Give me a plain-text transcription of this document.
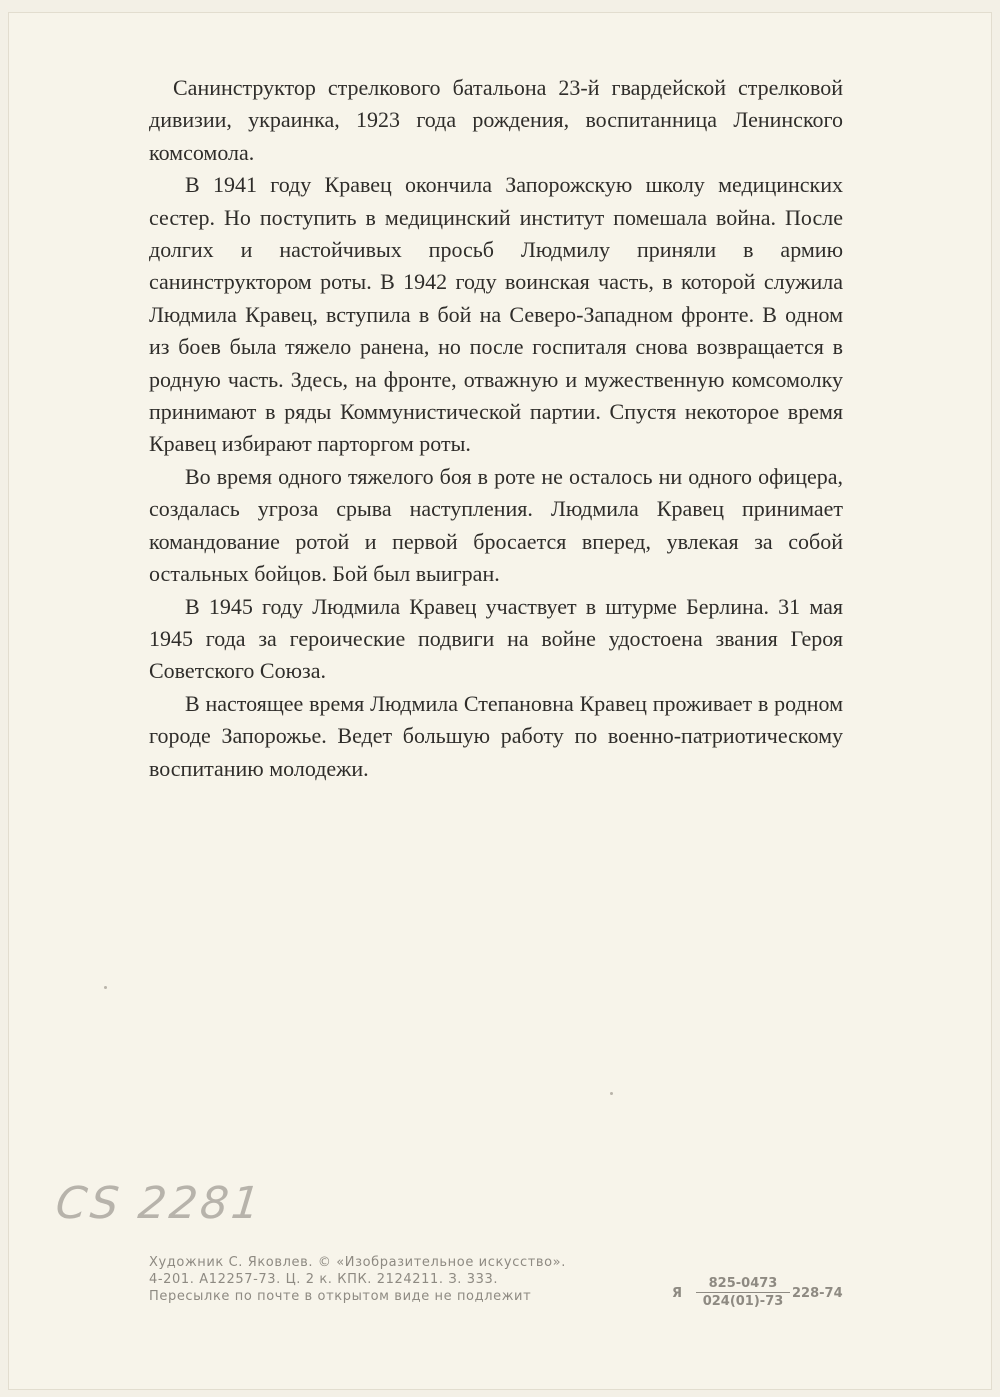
Санинструктор стрелкового батальона 23-й гвардейской стрелковой дивизии, украинка, 1923 года рождения, воспитанница Ленинского комсомола.

В 1941 году Кравец окончила Запорожскую школу медицинских сестер. Но поступить в медицинский институт помешала война. После долгих и настойчивых просьб Людмилу приняли в армию санинструктором роты. В 1942 году воинская часть, в которой служила Людмила Кравец, вступила в бой на Северо-Западном фронте. В одном из боев была тяжело ранена, но после госпиталя снова возвращается в родную часть. Здесь, на фронте, отважную и мужественную комсомолку принимают в ряды Коммунистической партии. Спустя некоторое время Кравец избирают парторгом роты.

Во время одного тяжелого боя в роте не осталось ни одного офицера, создалась угроза срыва наступления. Людмила Кравец принимает командование ротой и первой бросается вперед, увлекая за собой остальных бойцов. Бой был выигран.

В 1945 году Людмила Кравец участвует в штурме Берлина. 31 мая 1945 года за героические подвиги на войне удостоена звания Героя Советского Союза.

В настоящее время Людмила Степановна Кравец проживает в родном городе Запорожье. Ведет большую работу по военно-патриотическому воспитанию молодежи.

CS 2281
Художник С. Яковлев. © «Изобразительное искусство».
4-201. А12257-73. Ц. 2 к. КПК. 2124211. З. 333.
Пересылке по почте в открытом виде не подлежит	Я $\frac{825-0473}{024(01)-73} 228-74$
